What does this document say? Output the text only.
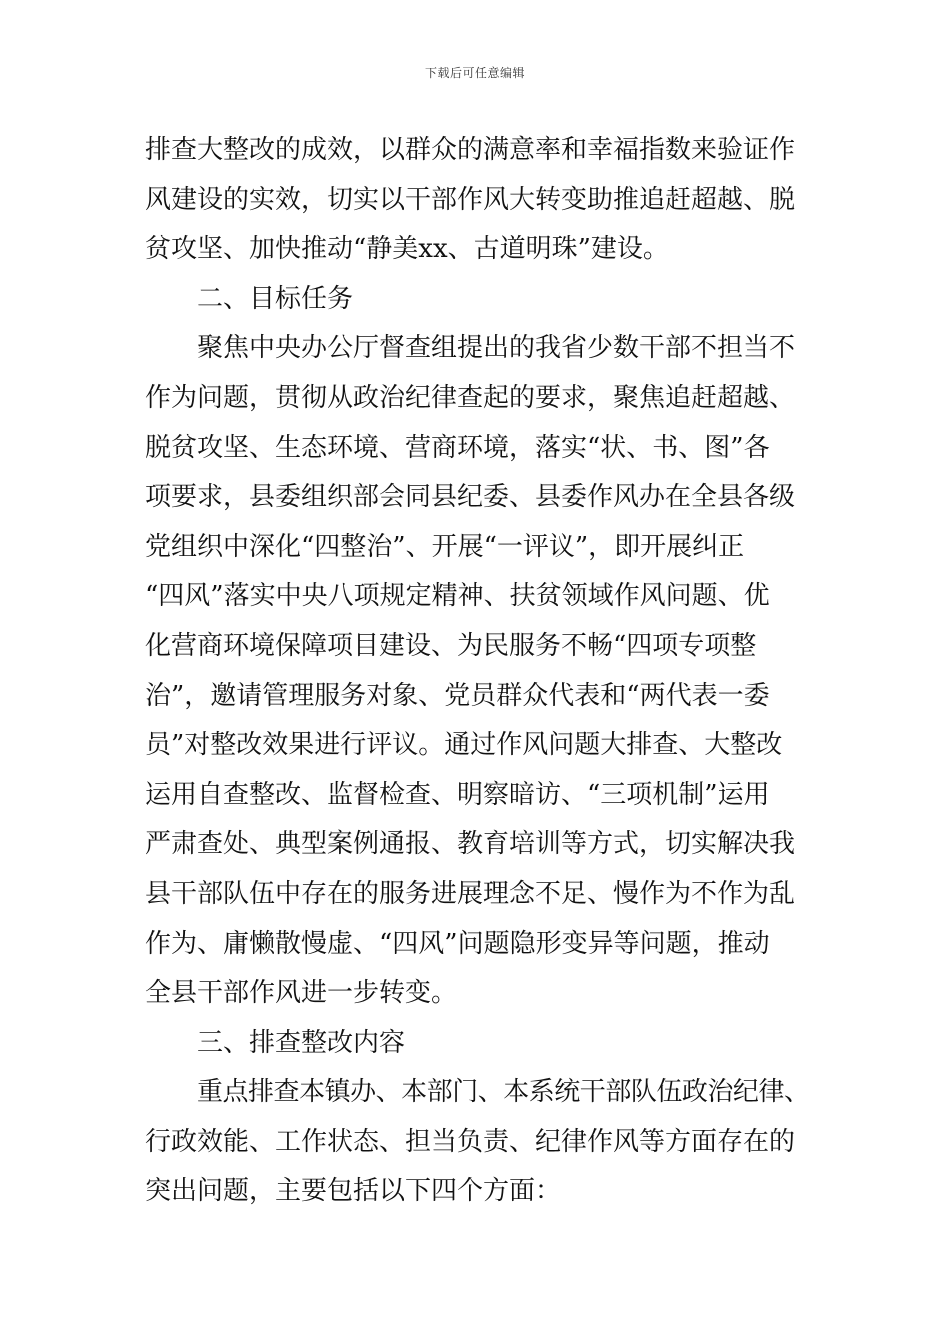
下载后可任意编辑
排查大整改的成效，以群众的满意率和幸福指数来验证作
风建设的实效，切实以干部作风大转变助推追赶超越、脱
贫攻坚、加快推动“静美xx、古道明珠”建设。
二、目标任务
聚焦中央办公厅督查组提出的我省少数干部不担当不
作为问题，贯彻从政治纪律查起的要求，聚焦追赶超越、
脱贫攻坚、生态环境、营商环境，落实“状、书、图”各
项要求，县委组织部会同县纪委、县委作风办在全县各级
党组织中深化“四整治”、开展“一评议”，即开展纠正
“四风”落实中央八项规定精神、扶贫领域作风问题、优
化营商环境保障项目建设、为民服务不畅“四项专项整
治”，邀请管理服务对象、党员群众代表和“两代表一委
员”对整改效果进行评议。通过作风问题大排查、大整改
运用自查整改、监督检查、明察暗访、“三项机制”运用
严肃查处、典型案例通报、教育培训等方式，切实解决我
县干部队伍中存在的服务进展理念不足、慢作为不作为乱
作为、庸懒散慢虚、“四风”问题隐形变异等问题，推动
全县干部作风进一步转变。
三、排查整改内容
重点排查本镇办、本部门、本系统干部队伍政治纪律、
行政效能、工作状态、担当负责、纪律作风等方面存在的
突出问题，主要包括以下四个方面：
